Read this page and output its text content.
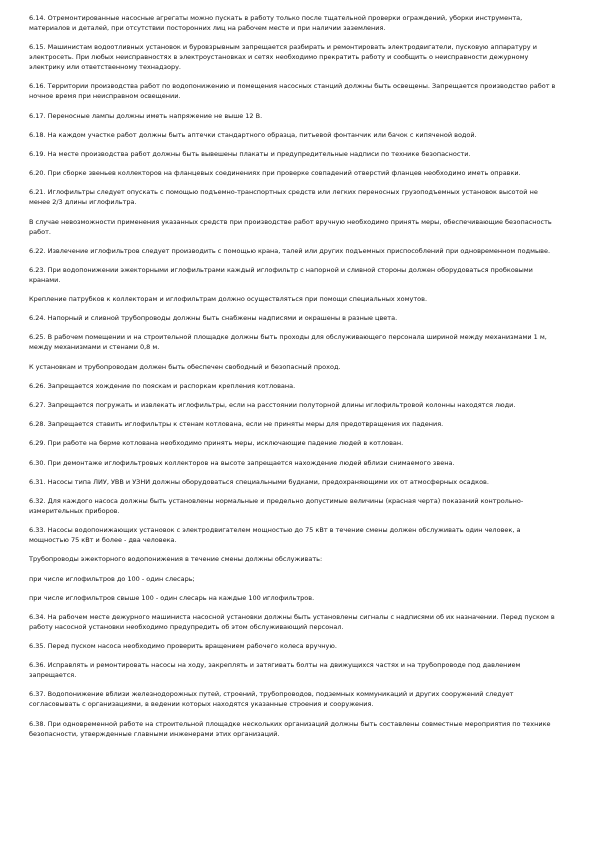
6.14. Отремонтированные насосные агрегаты можно пускать в работу только после тщательной проверки ограждений, уборки инструмента, материалов и деталей, при отсутствии посторонних лиц на рабочем месте и при наличии заземления.

6.15. Машинистам водоотливных установок и буровзрывным запрещается разбирать и ремонтировать электродвигатели, пусковую аппаратуру и электросеть. При любых неисправностях в электроустановках и сетях необходимо прекратить работу и сообщить о неисправности дежурному электрику или ответственному технадзору.

6.16. Территории производства работ по водопонижению и помещения насосных станций должны быть освещены. Запрещается производство работ в ночное время при неисправном освещении.

6.17. Переносные лампы должны иметь напряжение не выше 12 В.

6.18. На каждом участке работ должны быть аптечки стандартного образца, питьевой фонтанчик или бачок с кипяченой водой.

6.19. На месте производства работ должны быть вывешены плакаты и предупредительные надписи по технике безопасности.

6.20. При сборке звеньев коллекторов на фланцевых соединениях при проверке совпадений отверстий фланцев необходимо иметь оправки.

6.21. Иглофильтры следует опускать с помощью подъемно-транспортных средств или легких переносных грузоподъемных установок высотой не менее 2/3 длины иглофильтра.

В случае невозможности применения указанных средств при производстве работ вручную необходимо принять меры, обеспечивающие безопасность работ.

6.22. Извлечение иглофильтров следует производить с помощью крана, талей или других подъемных приспособлений при одновременном подмыве.

6.23. При водопонижении эжекторными иглофильтрами каждый иглофильтр с напорной и сливной стороны должен оборудоваться пробковыми кранами.

Крепление патрубков к коллекторам и иглофильтрам должно осуществляться при помощи специальных хомутов.

6.24. Напорный и сливной трубопроводы должны быть снабжены надписями и окрашены в разные цвета.

6.25. В рабочем помещении и на строительной площадке должны быть проходы для обслуживающего персонала шириной между механизмами 1 м, между механизмами и стенами 0,8 м.

К установкам и трубопроводам должен быть обеспечен свободный и безопасный проход.

6.26. Запрещается хождение по пояскам и распоркам крепления котлована.

6.27. Запрещается погружать и извлекать иглофильтры, если на расстоянии полуторной длины иглофильтровой колонны находятся люди.

6.28. Запрещается ставить иглофильтры к стенам котлована, если не приняты меры для предотвращения их падения.

6.29. При работе на берме котлована необходимо принять меры, исключающие падение людей в котлован.

6.30. При демонтаже иглофильтровых коллекторов на высоте запрещается нахождение людей вблизи снимаемого звена.

6.31. Насосы типа ЛИУ, УВВ и УЗНИ должны оборудоваться специальными будками, предохраняющими их от атмосферных осадков.

6.32. Для каждого насоса должны быть установлены нормальные и предельно допустимые величины (красная черта) показаний контрольно-измерительных приборов.

6.33. Насосы водопонижающих установок с электродвигателем мощностью до 75 кВт в течение смены должен обслуживать один человек, а мощностью 75 кВт и более - два человека.

Трубопроводы эжекторного водопонижения в течение смены должны обслуживать:

при числе иглофильтров до 100 - один слесарь;

при числе иглофильтров свыше 100 - один слесарь на каждые 100 иглофильтров.

6.34. На рабочем месте дежурного машиниста насосной установки должны быть установлены сигналы с надписями об их назначении. Перед пуском в работу насосной установки необходимо предупредить об этом обслуживающий персонал.

6.35. Перед пуском насоса необходимо проверить вращением рабочего колеса вручную.

6.36. Исправлять и ремонтировать насосы на ходу, закреплять и затягивать болты на движущихся частях и на трубопроводе под давлением запрещается.

6.37. Водопонижение вблизи железнодорожных путей, строений, трубопроводов, подземных коммуникаций и других сооружений следует согласовывать с организациями, в ведении которых находятся указанные строения и сооружения.

6.38. При одновременной работе на строительной площадке нескольких организаций должны быть составлены совместные мероприятия по технике безопасности, утвержденные главными инженерами этих организаций.
